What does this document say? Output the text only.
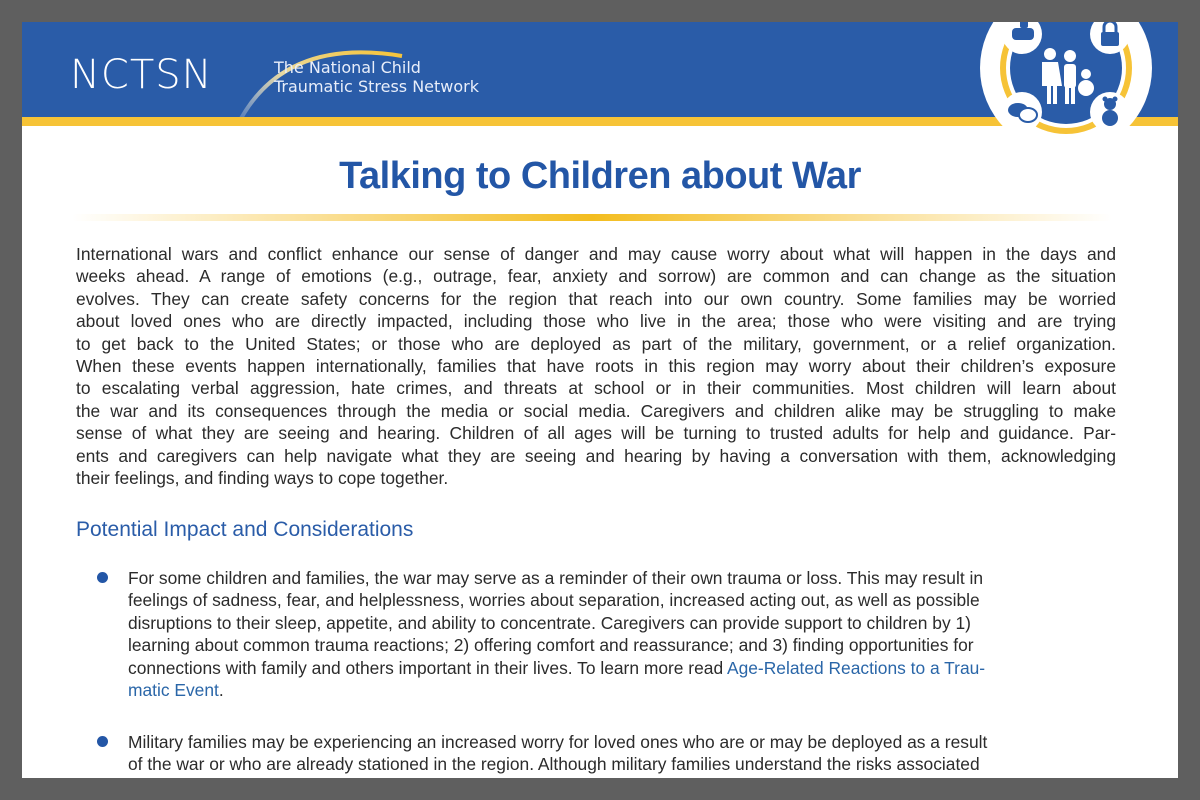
NCTSN	The National Child
Traumatic Stress Network
Talking to Children about War
International wars and conflict enhance our sense of danger and may cause worry about what will happen in the days and
weeks ahead. A range of emotions (e.g., outrage, fear, anxiety and sorrow) are common and can change as the situation
evolves. They can create safety concerns for the region that reach into our own country. Some families may be worried
about loved ones who are directly impacted, including those who live in the area; those who were visiting and are trying
to get back to the United States; or those who are deployed as part of the military, government, or a relief organization.
When these events happen internationally, families that have roots in this region may worry about their children’s exposure
to escalating verbal aggression, hate crimes, and threats at school or in their communities. Most children will learn about
the war and its consequences through the media or social media. Caregivers and children alike may be struggling to make
sense of what they are seeing and hearing. Children of all ages will be turning to trusted adults for help and guidance. Par-
ents and caregivers can help navigate what they are seeing and hearing by having a conversation with them, acknowledging
their feelings, and finding ways to cope together.
Potential Impact and Considerations
For some children and families, the war may serve as a reminder of their own trauma or loss. This may result in
feelings of sadness, fear, and helplessness, worries about separation, increased acting out, as well as possible
disruptions to their sleep, appetite, and ability to concentrate. Caregivers can provide support to children by 1)
learning about common trauma reactions; 2) offering comfort and reassurance; and 3) finding opportunities for
connections with family and others important in their lives. To learn more read Age-Related Reactions to a Trau-
matic Event.
Military families may be experiencing an increased worry for loved ones who are or may be deployed as a result
of the war or who are already stationed in the region. Although military families understand the risks associated
